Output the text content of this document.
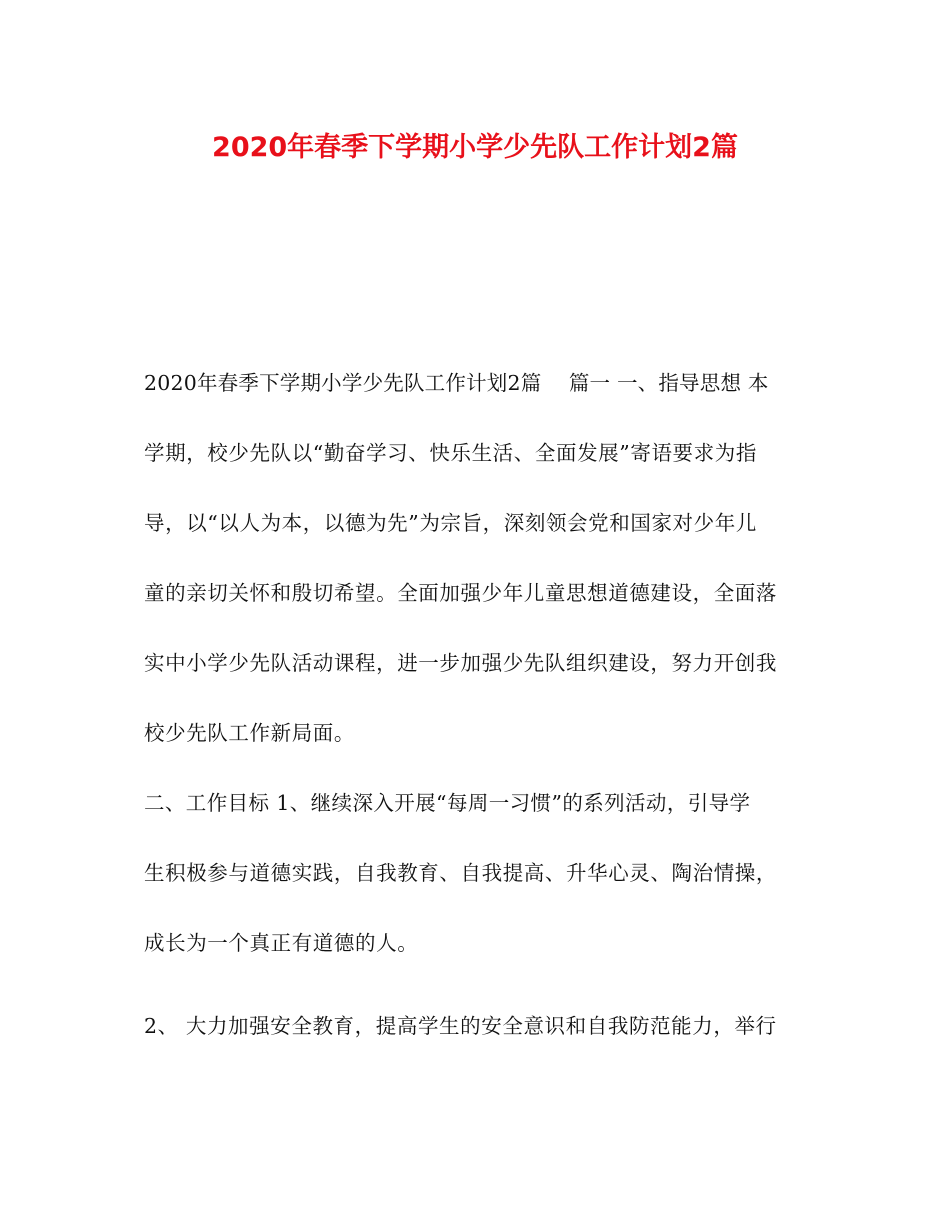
2020年春季下学期小学少先队工作计划2篇

2020年春季下学期小学少先队工作计划2篇　 篇一 一、指导思想 本

学期，校少先队以“勤奋学习、快乐生活、全面发展”寄语要求为指

导，以“以人为本，以德为先”为宗旨，深刻领会党和国家对少年儿

童的亲切关怀和殷切希望。全面加强少年儿童思想道德建设，全面落

实中小学少先队活动课程，进一步加强少先队组织建设，努力开创我

校少先队工作新局面。

二、工作目标 1、继续深入开展“每周一习惯”的系列活动，引导学

生积极参与道德实践，自我教育、自我提高、升华心灵、陶治情操，

成长为一个真正有道德的人。

2、 大力加强安全教育，提高学生的安全意识和自我防范能力，举行
